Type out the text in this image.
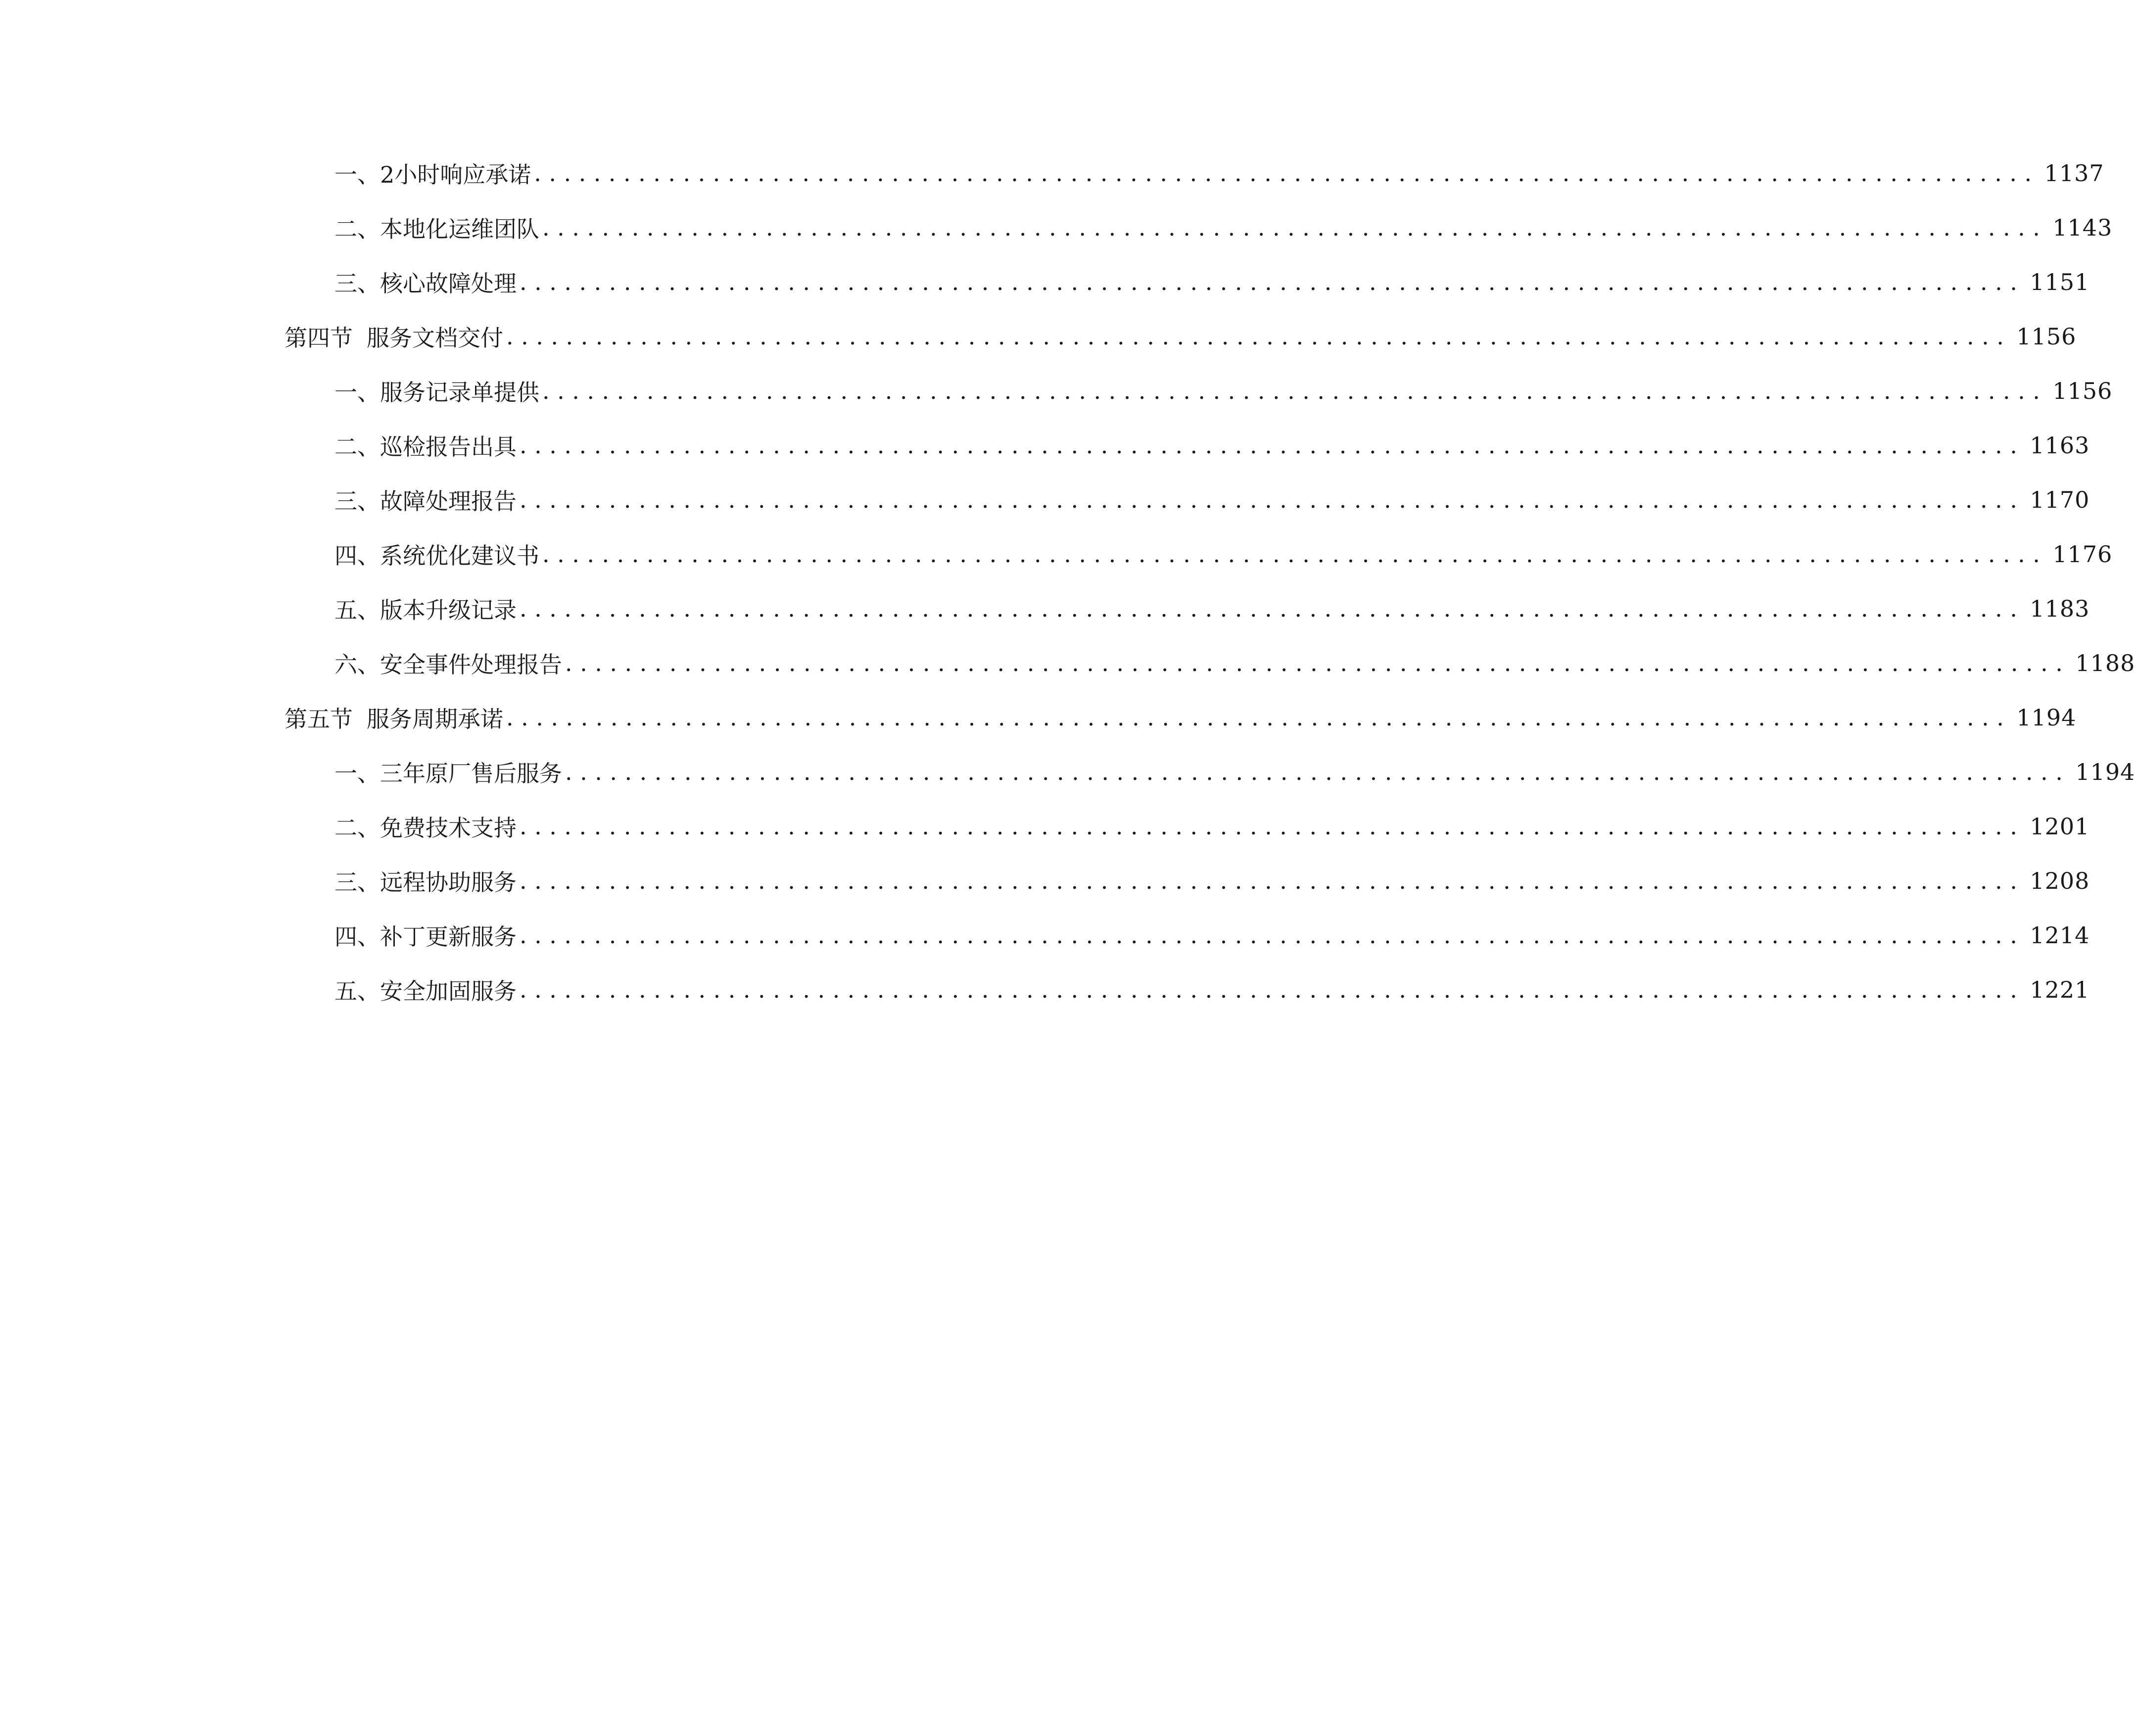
一、 2小时响应承诺 ..................................................................................................... 1137
二、 本地化运维团队 ..................................................................................................... 1143
三、 核心故障处理 ..................................................................................................... 1151
第四节 服务文档交付 ..................................................................................................... 1156
一、 服务记录单提供 ..................................................................................................... 1156
二、 巡检报告出具 ..................................................................................................... 1163
三、 故障处理报告 ..................................................................................................... 1170
四、 系统优化建议书 ..................................................................................................... 1176
五、 版本升级记录 ..................................................................................................... 1183
六、 安全事件处理报告 ..................................................................................................... 1188
第五节 服务周期承诺 ..................................................................................................... 1194
一、 三年原厂售后服务 ..................................................................................................... 1194
二、 免费技术支持 ..................................................................................................... 1201
三、 远程协助服务 ..................................................................................................... 1208
四、 补丁更新服务 ..................................................................................................... 1214
五、 安全加固服务 ..................................................................................................... 1221
